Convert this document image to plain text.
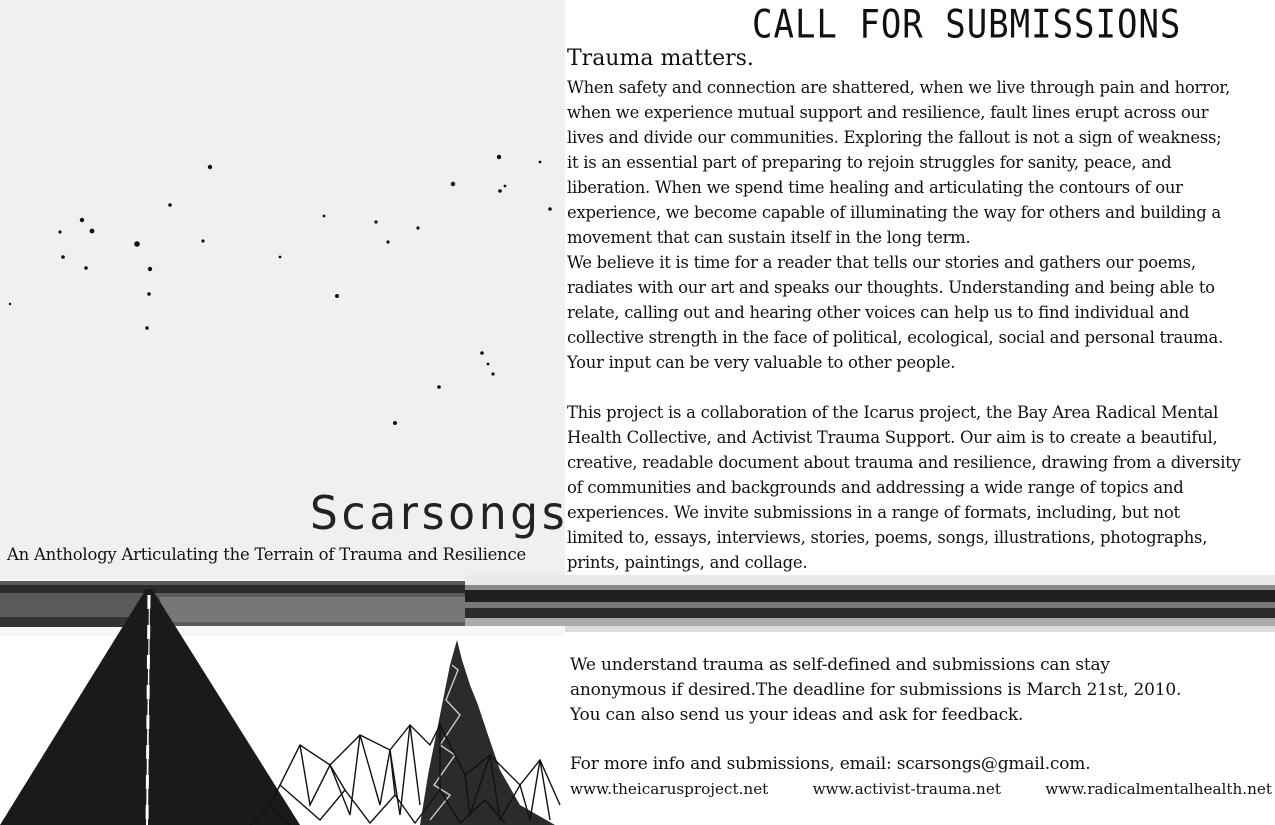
CALL FOR SUBMISSIONS
Trauma matters.

When safety and connection are shattered, when we live through pain and horror,
when we experience mutual support and resilience, fault lines erupt across our
lives and divide our communities. Exploring the fallout is not a sign of weakness;
it is an essential part of preparing to rejoin struggles for sanity, peace, and
liberation. When we spend time healing and articulating the contours of our
experience, we become capable of illuminating the way for others and building a
movement that can sustain itself in the long term.
We believe it is time for a reader that tells our stories and gathers our poems,
radiates with our art and speaks our thoughts. Understanding and being able to
relate, calling out and hearing other voices can help us to find individual and
collective strength in the face of political, ecological, social and personal trauma.
Your input can be very valuable to other people.

This project is a collaboration of the Icarus project, the Bay Area Radical Mental
Health Collective, and Activist Trauma Support. Our aim is to create a beautiful,
creative, readable document about trauma and resilience, drawing from a diversity
of communities and backgrounds and addressing a wide range of topics and
experiences. We invite submissions in a range of formats, including, but not
limited to, essays, interviews, stories, poems, songs, illustrations, photographs,
prints, paintings, and collage.

We understand trauma as self-defined and submissions can stay
anonymous if desired.The deadline for submissions is March 21st, 2010.
You can also send us your ideas and ask for feedback.

For more info and submissions, email: scarsongs@gmail.com.
www.theicarusproject.net	www.activist-trauma.net	www.radicalmentalhealth.net
Scarsongs
An Anthology Articulating the Terrain of Trauma and Resilience
